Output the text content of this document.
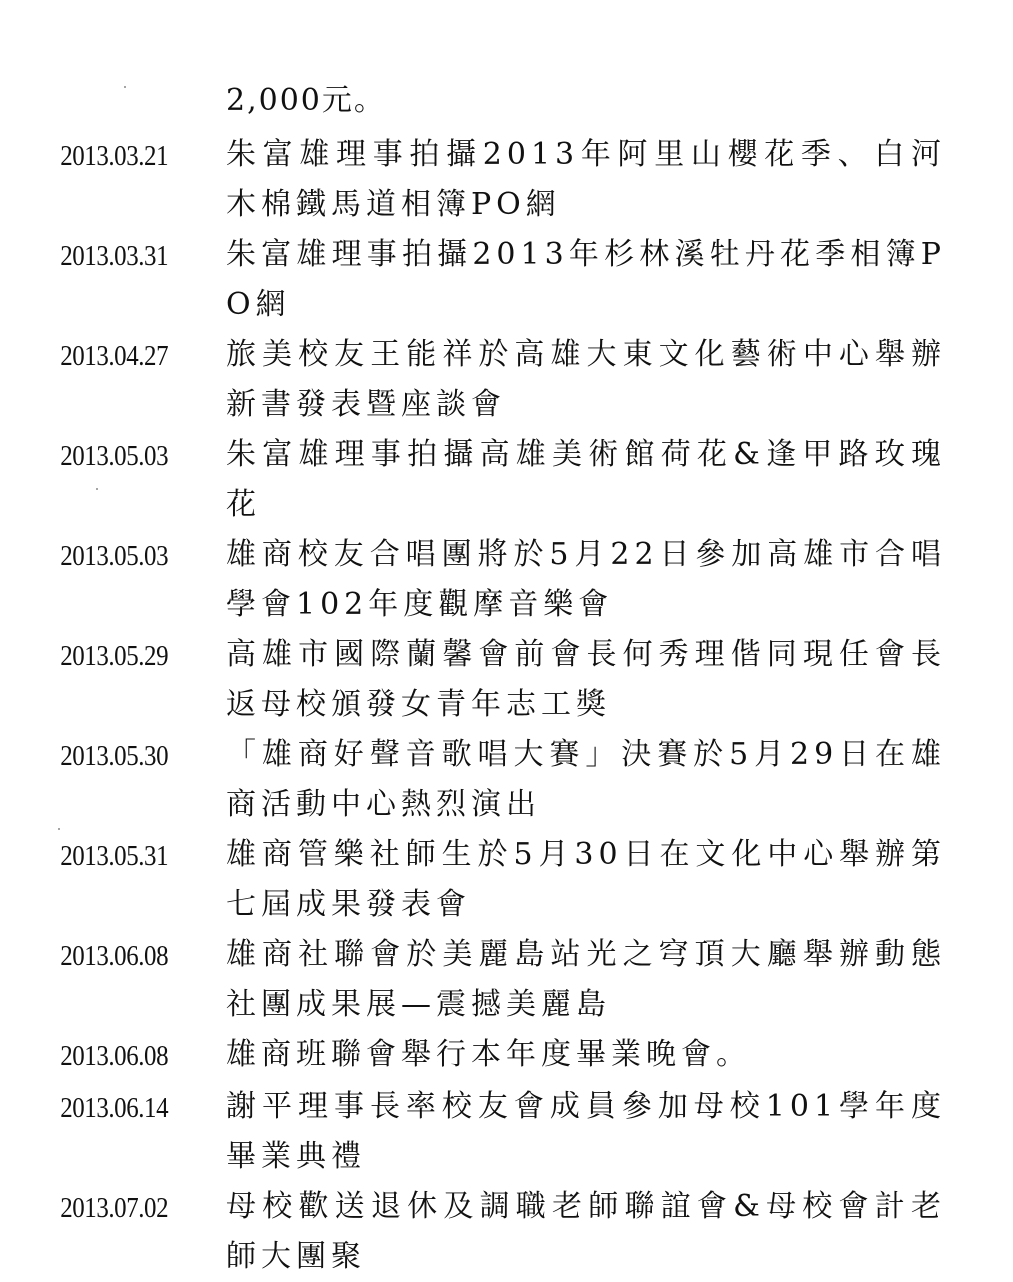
2,000元。
2013.03.21	朱富雄理事拍攝2013年阿里山櫻花季、白河木棉鐵馬道相簿PO網
2013.03.31	朱富雄理事拍攝2013年杉林溪牡丹花季相簿PO網
2013.04.27	旅美校友王能祥於高雄大東文化藝術中心舉辦新書發表暨座談會
2013.05.03	朱富雄理事拍攝高雄美術館荷花&逢甲路玫瑰花
2013.05.03	雄商校友合唱團將於5月22日參加高雄市合唱學會102年度觀摩音樂會
2013.05.29	高雄市國際蘭馨會前會長何秀理偕同現任會長返母校頒發女青年志工獎
2013.05.30	「雄商好聲音歌唱大賽」決賽於5月29日在雄商活動中心熱烈演出
2013.05.31	雄商管樂社師生於5月30日在文化中心舉辦第七屆成果發表會
2013.06.08	雄商社聯會於美麗島站光之穹頂大廳舉辦動態社團成果展—震撼美麗島
2013.06.08	雄商班聯會舉行本年度畢業晚會。
2013.06.14	謝平理事長率校友會成員參加母校101學年度畢業典禮
2013.07.02	母校歡送退休及調職老師聯誼會&母校會計老師大團聚
